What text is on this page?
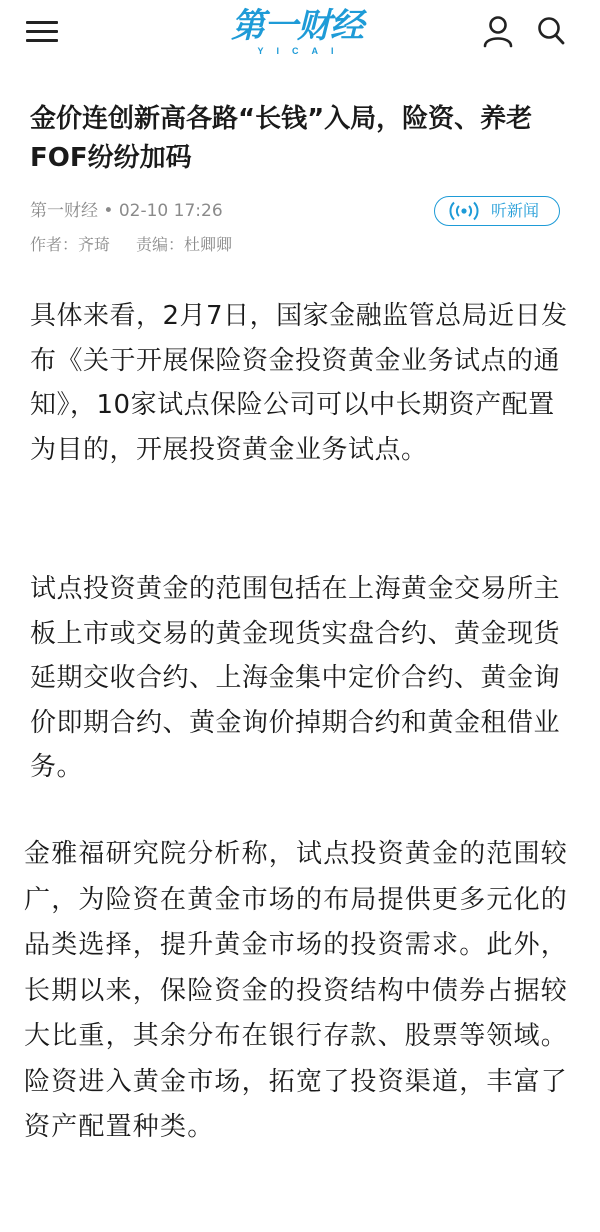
第一财经
YICAI
金价连创新高各路“长钱”入局，险资、养老FOF纷纷加码
第一财经 • 02-10 17:26	听新闻
作者：齐琦 责编：杜卿卿

具体来看，2月7日，国家金融监管总局近日发布《关于开展保险资金投资黄金业务试点的通知》，10家试点保险公司可以中长期资产配置为目的，开展投资黄金业务试点。

试点投资黄金的范围包括在上海黄金交易所主板上市或交易的黄金现货实盘合约、黄金现货延期交收合约、上海金集中定价合约、黄金询价即期合约、黄金询价掉期合约和黄金租借业务。

金雅福研究院分析称，试点投资黄金的范围较广，为险资在黄金市场的布局提供更多元化的品类选择，提升黄金市场的投资需求。此外，长期以来，保险资金的投资结构中债券占据较大比重，其余分布在银行存款、股票等领域。险资进入黄金市场，拓宽了投资渠道，丰富了资产配置种类。
